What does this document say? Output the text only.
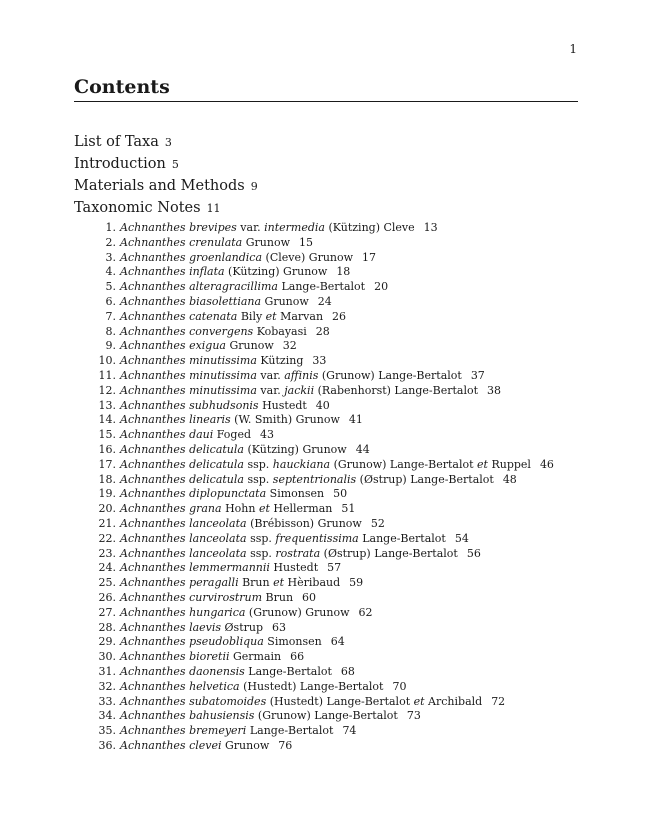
1
Contents
List of Taxa 3
Introduction 5
Materials and Methods 9
Taxonomic Notes 11
1. Achnanthes brevipes var. intermedia (Kützing) Cleve 13
2. Achnanthes crenulata Grunow 15
3. Achnanthes groenlandica (Cleve) Grunow 17
4. Achnanthes inflata (Kützing) Grunow 18
5. Achnanthes alteragracillima Lange-Bertalot 20
6. Achnanthes biasolettiana Grunow 24
7. Achnanthes catenata Bily et Marvan 26
8. Achnanthes convergens Kobayasi 28
9. Achnanthes exigua Grunow 32
10. Achnanthes minutissima Kützing 33
11. Achnanthes minutissima var. affinis (Grunow) Lange-Bertalot 37
12. Achnanthes minutissima var. jackii (Rabenhorst) Lange-Bertalot 38
13. Achnanthes subhudsonis Hustedt 40
14. Achnanthes linearis (W. Smith) Grunow 41
15. Achnanthes daui Foged 43
16. Achnanthes delicatula (Kützing) Grunow 44
17. Achnanthes delicatula ssp. hauckiana (Grunow) Lange-Bertalot et Ruppel 46
18. Achnanthes delicatula ssp. septentrionalis (Østrup) Lange-Bertalot 48
19. Achnanthes diplopunctata Simonsen 50
20. Achnanthes grana Hohn et Hellerman 51
21. Achnanthes lanceolata (Brébisson) Grunow 52
22. Achnanthes lanceolata ssp. frequentissima Lange-Bertalot 54
23. Achnanthes lanceolata ssp. rostrata (Østrup) Lange-Bertalot 56
24. Achnanthes lemmermannii Hustedt 57
25. Achnanthes peragalli Brun et Hèribaud 59
26. Achnanthes curvirostrum Brun 60
27. Achnanthes hungarica (Grunow) Grunow 62
28. Achnanthes laevis Østrup 63
29. Achnanthes pseudobliqua Simonsen 64
30. Achnanthes bioretii Germain 66
31. Achnanthes daonensis Lange-Bertalot 68
32. Achnanthes helvetica (Hustedt) Lange-Bertalot 70
33. Achnanthes subatomoides (Hustedt) Lange-Bertalot et Archibald 72
34. Achnanthes bahusiensis (Grunow) Lange-Bertalot 73
35. Achnanthes bremeyeri Lange-Bertalot 74
36. Achnanthes clevei Grunow 76
